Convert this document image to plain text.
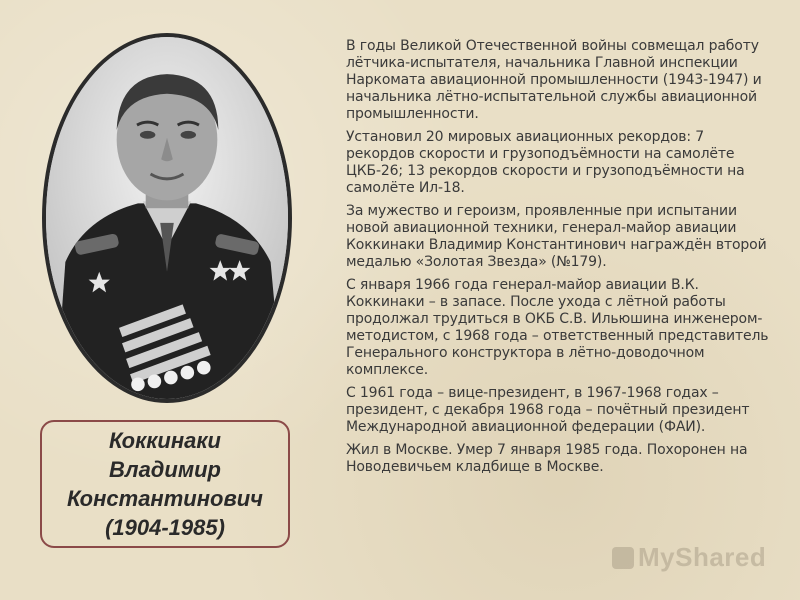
Коккинаки
Владимир
Константинович
(1904-1985)

В годы Великой Отечественной войны совмещал работу лётчика-испытателя, начальника Главной инспекции Наркомата авиационной промышленности (1943-1947) и начальника лётно-испытательной службы авиационной промышленности.

Установил 20 мировых авиационных рекордов: 7 рекордов скорости и грузоподъёмности на самолёте ЦКБ-26; 13 рекордов скорости и грузоподъёмности на самолёте Ил-18.

За мужество и героизм, проявленные при испытании новой авиационной техники, генерал-майор авиации Коккинаки Владимир Константинович награждён второй медалью «Золотая Звезда» (№179).

С января 1966 года генерал-майор авиации В.К. Коккинаки – в запасе. После ухода с лётной работы продолжал трудиться в ОКБ С.В. Ильюшина инженером-методистом, с 1968 года – ответственный представитель Генерального конструктора в лётно-доводочном комплексе.

С 1961 года – вице-президент, в 1967-1968 годах – президент, с декабря 1968 года – почётный президент Международной авиационной федерации (ФАИ).

Жил в Москве. Умер 7 января 1985 года. Похоронен на Новодевичьем кладбище в Москве.

MyShared
